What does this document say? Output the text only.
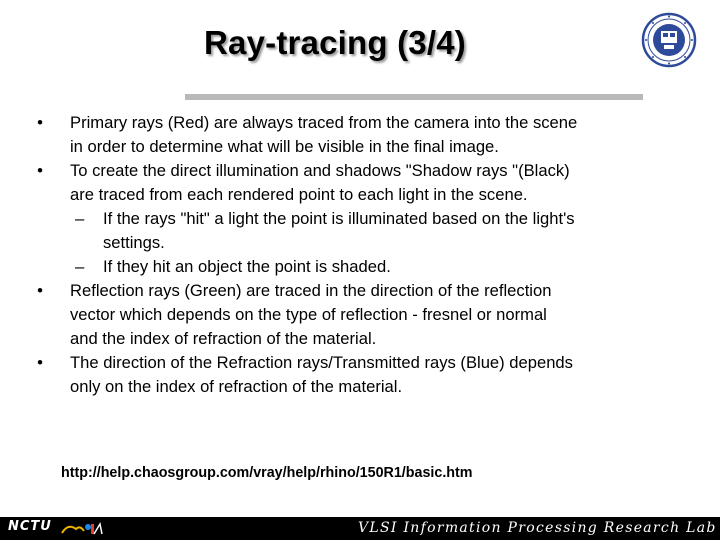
Ray-tracing (3/4)
•	Primary rays (Red) are always traced from the camera into the scene
in order to determine what will be visible in the final image.
•	To create the direct illumination and shadows "Shadow rays "(Black)
are traced from each rendered point to each light in the scene.
– If the rays "hit" a light the point is illuminated based on the light's
settings.
– If they hit an object the point is shaded.
•	Reflection rays (Green) are traced in the direction of the reflection
vector which depends on the type of reflection - fresnel or normal
and the index of refraction of the material.
•	The direction of the Refraction rays/Transmitted rays (Blue) depends
only on the index of refraction of the material.
http://help.chaosgroup.com/vray/help/rhino/150R1/basic.htm
NCTU	VLSI Information Processing Research Lab
